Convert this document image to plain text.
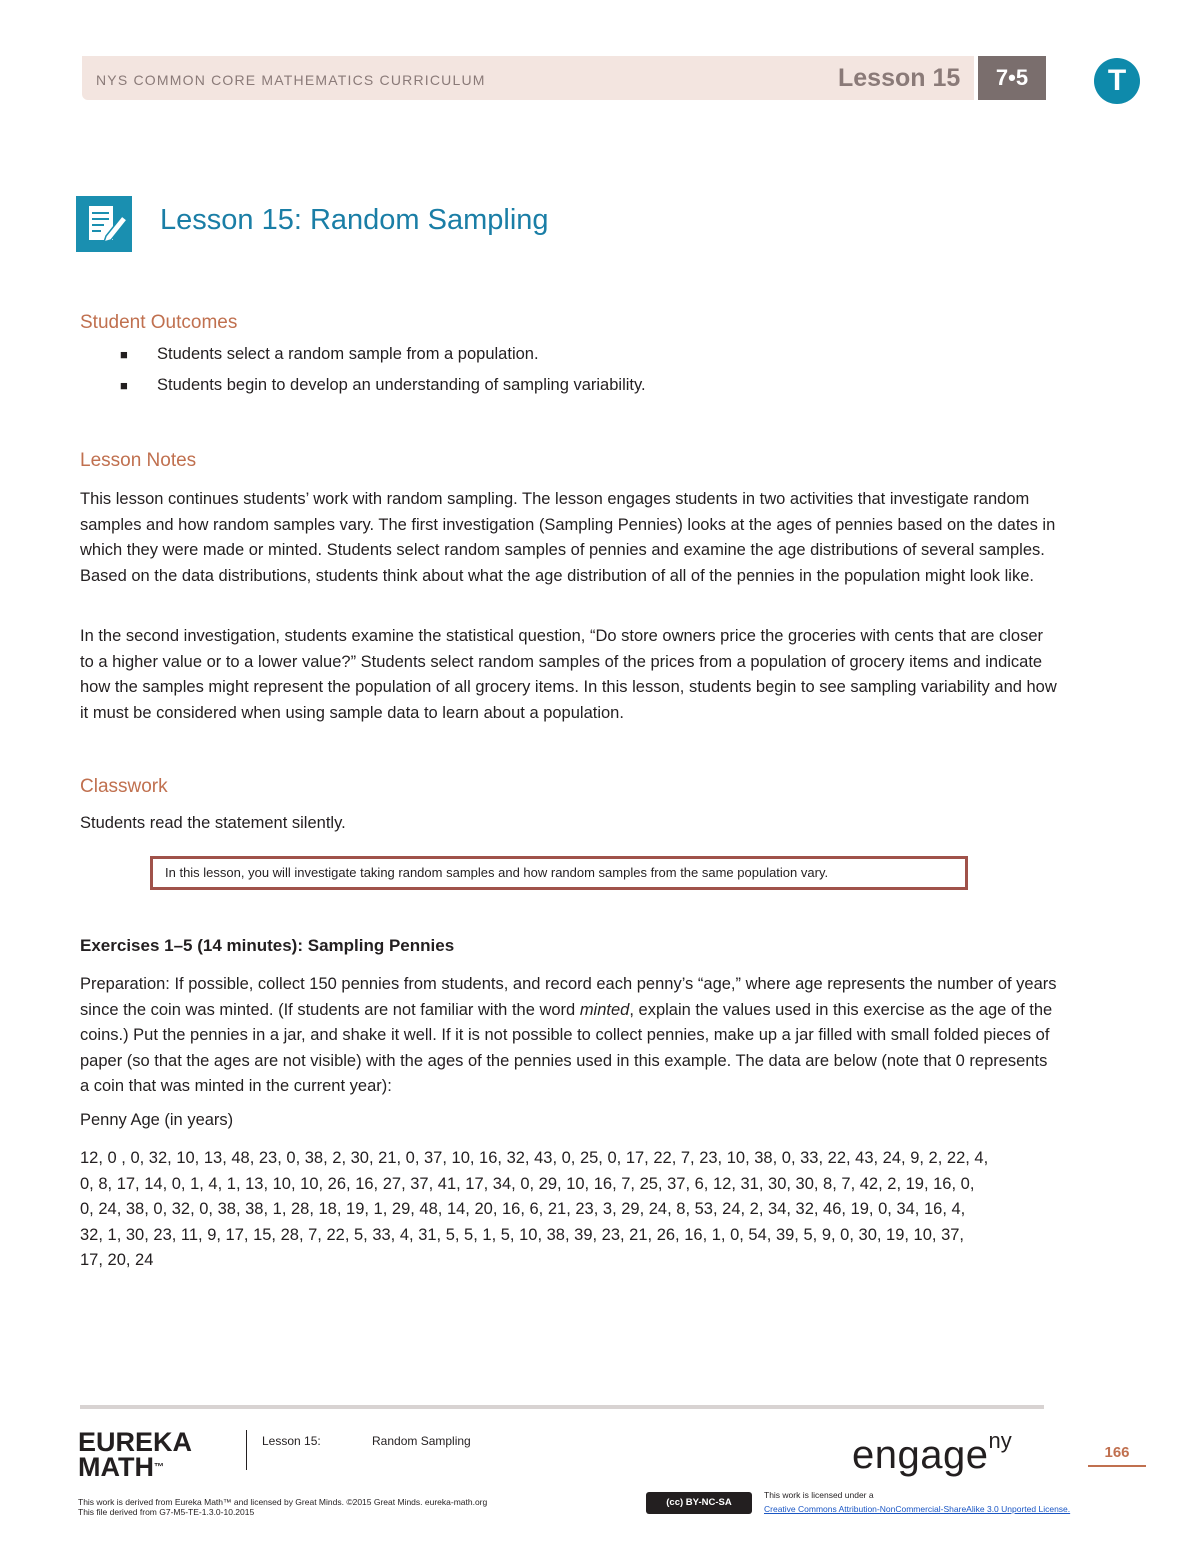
NYS COMMON CORE MATHEMATICS CURRICULUM	Lesson 15	7•5	T
Lesson 15: Random Sampling
Student Outcomes
■ Students select a random sample from a population.
■ Students begin to develop an understanding of sampling variability.
Lesson Notes

This lesson continues students’ work with random sampling. The lesson engages students in two activities that investigate random samples and how random samples vary. The first investigation (Sampling Pennies) looks at the ages of pennies based on the dates in which they were made or minted. Students select random samples of pennies and examine the age distributions of several samples. Based on the data distributions, students think about what the age distribution of all of the pennies in the population might look like.

In the second investigation, students examine the statistical question, “Do store owners price the groceries with cents that are closer to a higher value or to a lower value?” Students select random samples of the prices from a population of grocery items and indicate how the samples might represent the population of all grocery items. In this lesson, students begin to see sampling variability and how it must be considered when using sample data to learn about a population.

Classwork
Students read the statement silently.
In this lesson, you will investigate taking random samples and how random samples from the same population vary.
Exercises 1–5 (14 minutes): Sampling Pennies

Preparation: If possible, collect 150 pennies from students, and record each penny’s “age,” where age represents the number of years since the coin was minted. (If students are not familiar with the word minted, explain the values used in this exercise as the age of the coins.) Put the pennies in a jar, and shake it well. If it is not possible to collect pennies, make up a jar filled with small folded pieces of paper (so that the ages are not visible) with the ages of the pennies used in this example. The data are below (note that 0 represents a coin that was minted in the current year):

Penny Age (in years)
12, 0 , 0, 32, 10, 13, 48, 23, 0, 38, 2, 30, 21, 0, 37, 10, 16, 32, 43, 0, 25, 0, 17, 22, 7, 23, 10, 38, 0, 33, 22, 43, 24, 9, 2, 22, 4,
0, 8, 17, 14, 0, 1, 4, 1, 13, 10, 10, 26, 16, 27, 37, 41, 17, 34, 0, 29, 10, 16, 7, 25, 37, 6, 12, 31, 30, 30, 8, 7, 42, 2, 19, 16, 0,
0, 24, 38, 0, 32, 0, 38, 38, 1, 28, 18, 19, 1, 29, 48, 14, 20, 16, 6, 21, 23, 3, 29, 24, 8, 53, 24, 2, 34, 32, 46, 19, 0, 34, 16, 4,
32, 1, 30, 23, 11, 9, 17, 15, 28, 7, 22, 5, 33, 4, 31, 5, 5, 1, 5, 10, 38, 39, 23, 21, 26, 16, 1, 0, 54, 39, 5, 9, 0, 30, 19, 10, 37,
17, 20, 24
EUREKA
MATH™
Lesson 15:	Random Sampling	engage$^{ny}$	166
This work is derived from Eureka Math™ and licensed by Great Minds. ©2015 Great Minds. eureka-math.org
This file derived from G7-M5-TE-1.3.0-10.2015
(cc) BY-NC-SA
This work is licensed under a
Creative Commons Attribution-NonCommercial-ShareAlike 3.0 Unported License.
